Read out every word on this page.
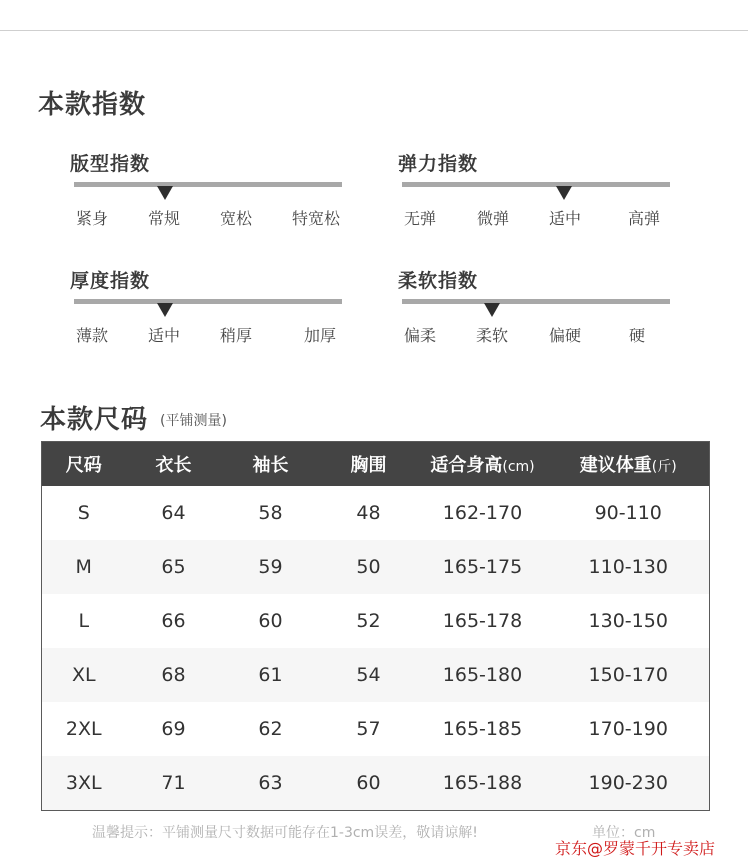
本款指数
版型指数
紧身 常规 宽松 特宽松
弹力指数
无弹	微弹 适中	高弹
厚度指数
薄款 适中 稍厚	加厚
柔软指数
偏柔 柔软	偏硬	硬
本款尺码 (平铺测量)
尺码	衣长	袖长	胸围	适合身高(cm)	建议体重(斤)
S	64	58	48	162-170	90-110
M	65	59	50	165-175	110-130
L	66	60	52	165-178	130-150
XL	68	61	54	165-180	150-170
2XL	69	62	57	165-185	170-190
3XL	71	63	60	165-188	190-230
温馨提示：平铺测量尺寸数据可能存在1-3cm误差，敬请谅解!	单位：cm
京东@罗蒙千开专卖店
